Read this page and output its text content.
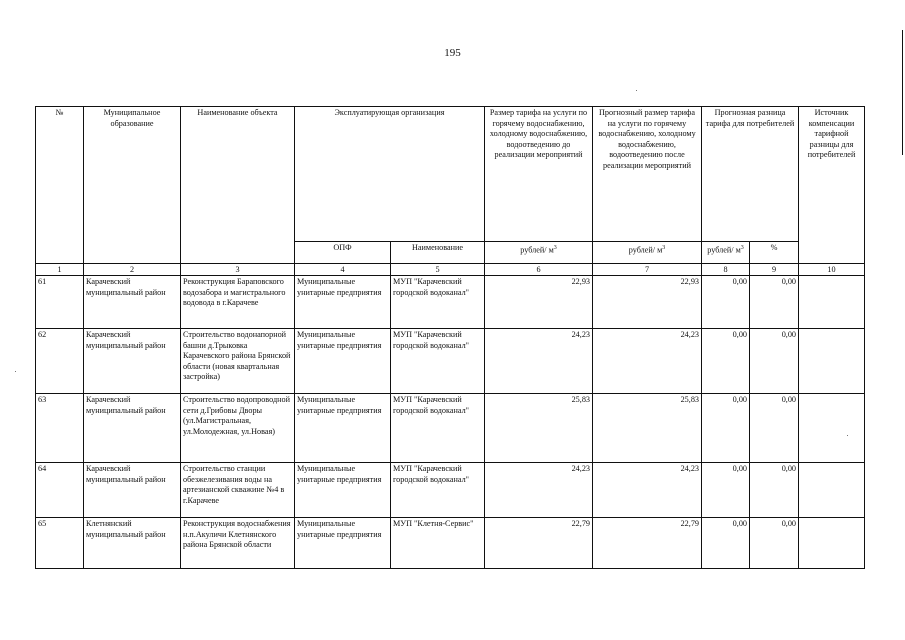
195
№	Муниципальное образование	Наименование объекта	Эксплуатирующая организация		Размер тарифа на услуги по горячему водоснабжению, холодному водоснабжению, водоотведению до реализации мероприятий	Прогнозный размер тарифа на услуги по горячему водоснабжению, холодному водоснабжению, водоотведению после реализации мероприятий	Прогнозная разница тарифа для потребителей		Источник компенсации тарифной разницы для потребителей
			ОПФ	Наименование	рублей/ $м^3$	рублей/ $м^3$	рублей/ $м^3$	%	
1	2	3	4	5	6	7	8	9	10
61	Карачевский муниципальный район	Реконструкция Бараповского водозабора и магистрального водовода в г.Карачеве	Муниципальные унитарные предприятия	МУП "Карачевский городской водоканал"	22,93	22,93	0,00	0,00	
62	Карачевский муниципальный район	Строительство водонапорной башни д.Трыковка Карачевского района Брянской области (новая квартальная застройка)	Муниципальные унитарные предприятия	МУП "Карачевский городской водоканал"	24,23	24,23	0,00	0,00	
63	Карачевский муниципальный район	Строительство водопроводной сети д.Грибовы Дворы (ул.Магистральная, ул.Молодежная, ул.Новая)	Муниципальные унитарные предприятия	МУП "Карачевский городской водоканал"	25,83	25,83	0,00	0,00	
64	Карачевский муниципальный район	Строительство станции обезжелезивания воды на артезианской скважине №4 в г.Карачеве	Муниципальные унитарные предприятия	МУП "Карачевский городской водоканал"	24,23	24,23	0,00	0,00	
65	Клетнянский муниципальный район	Реконструкция водоснабжения н.п.Акуличи Клетнянского района Брянской области	Муниципальные унитарные предприятия	МУП "Клетня-Сервис"	22,79	22,79	0,00	0,00	
